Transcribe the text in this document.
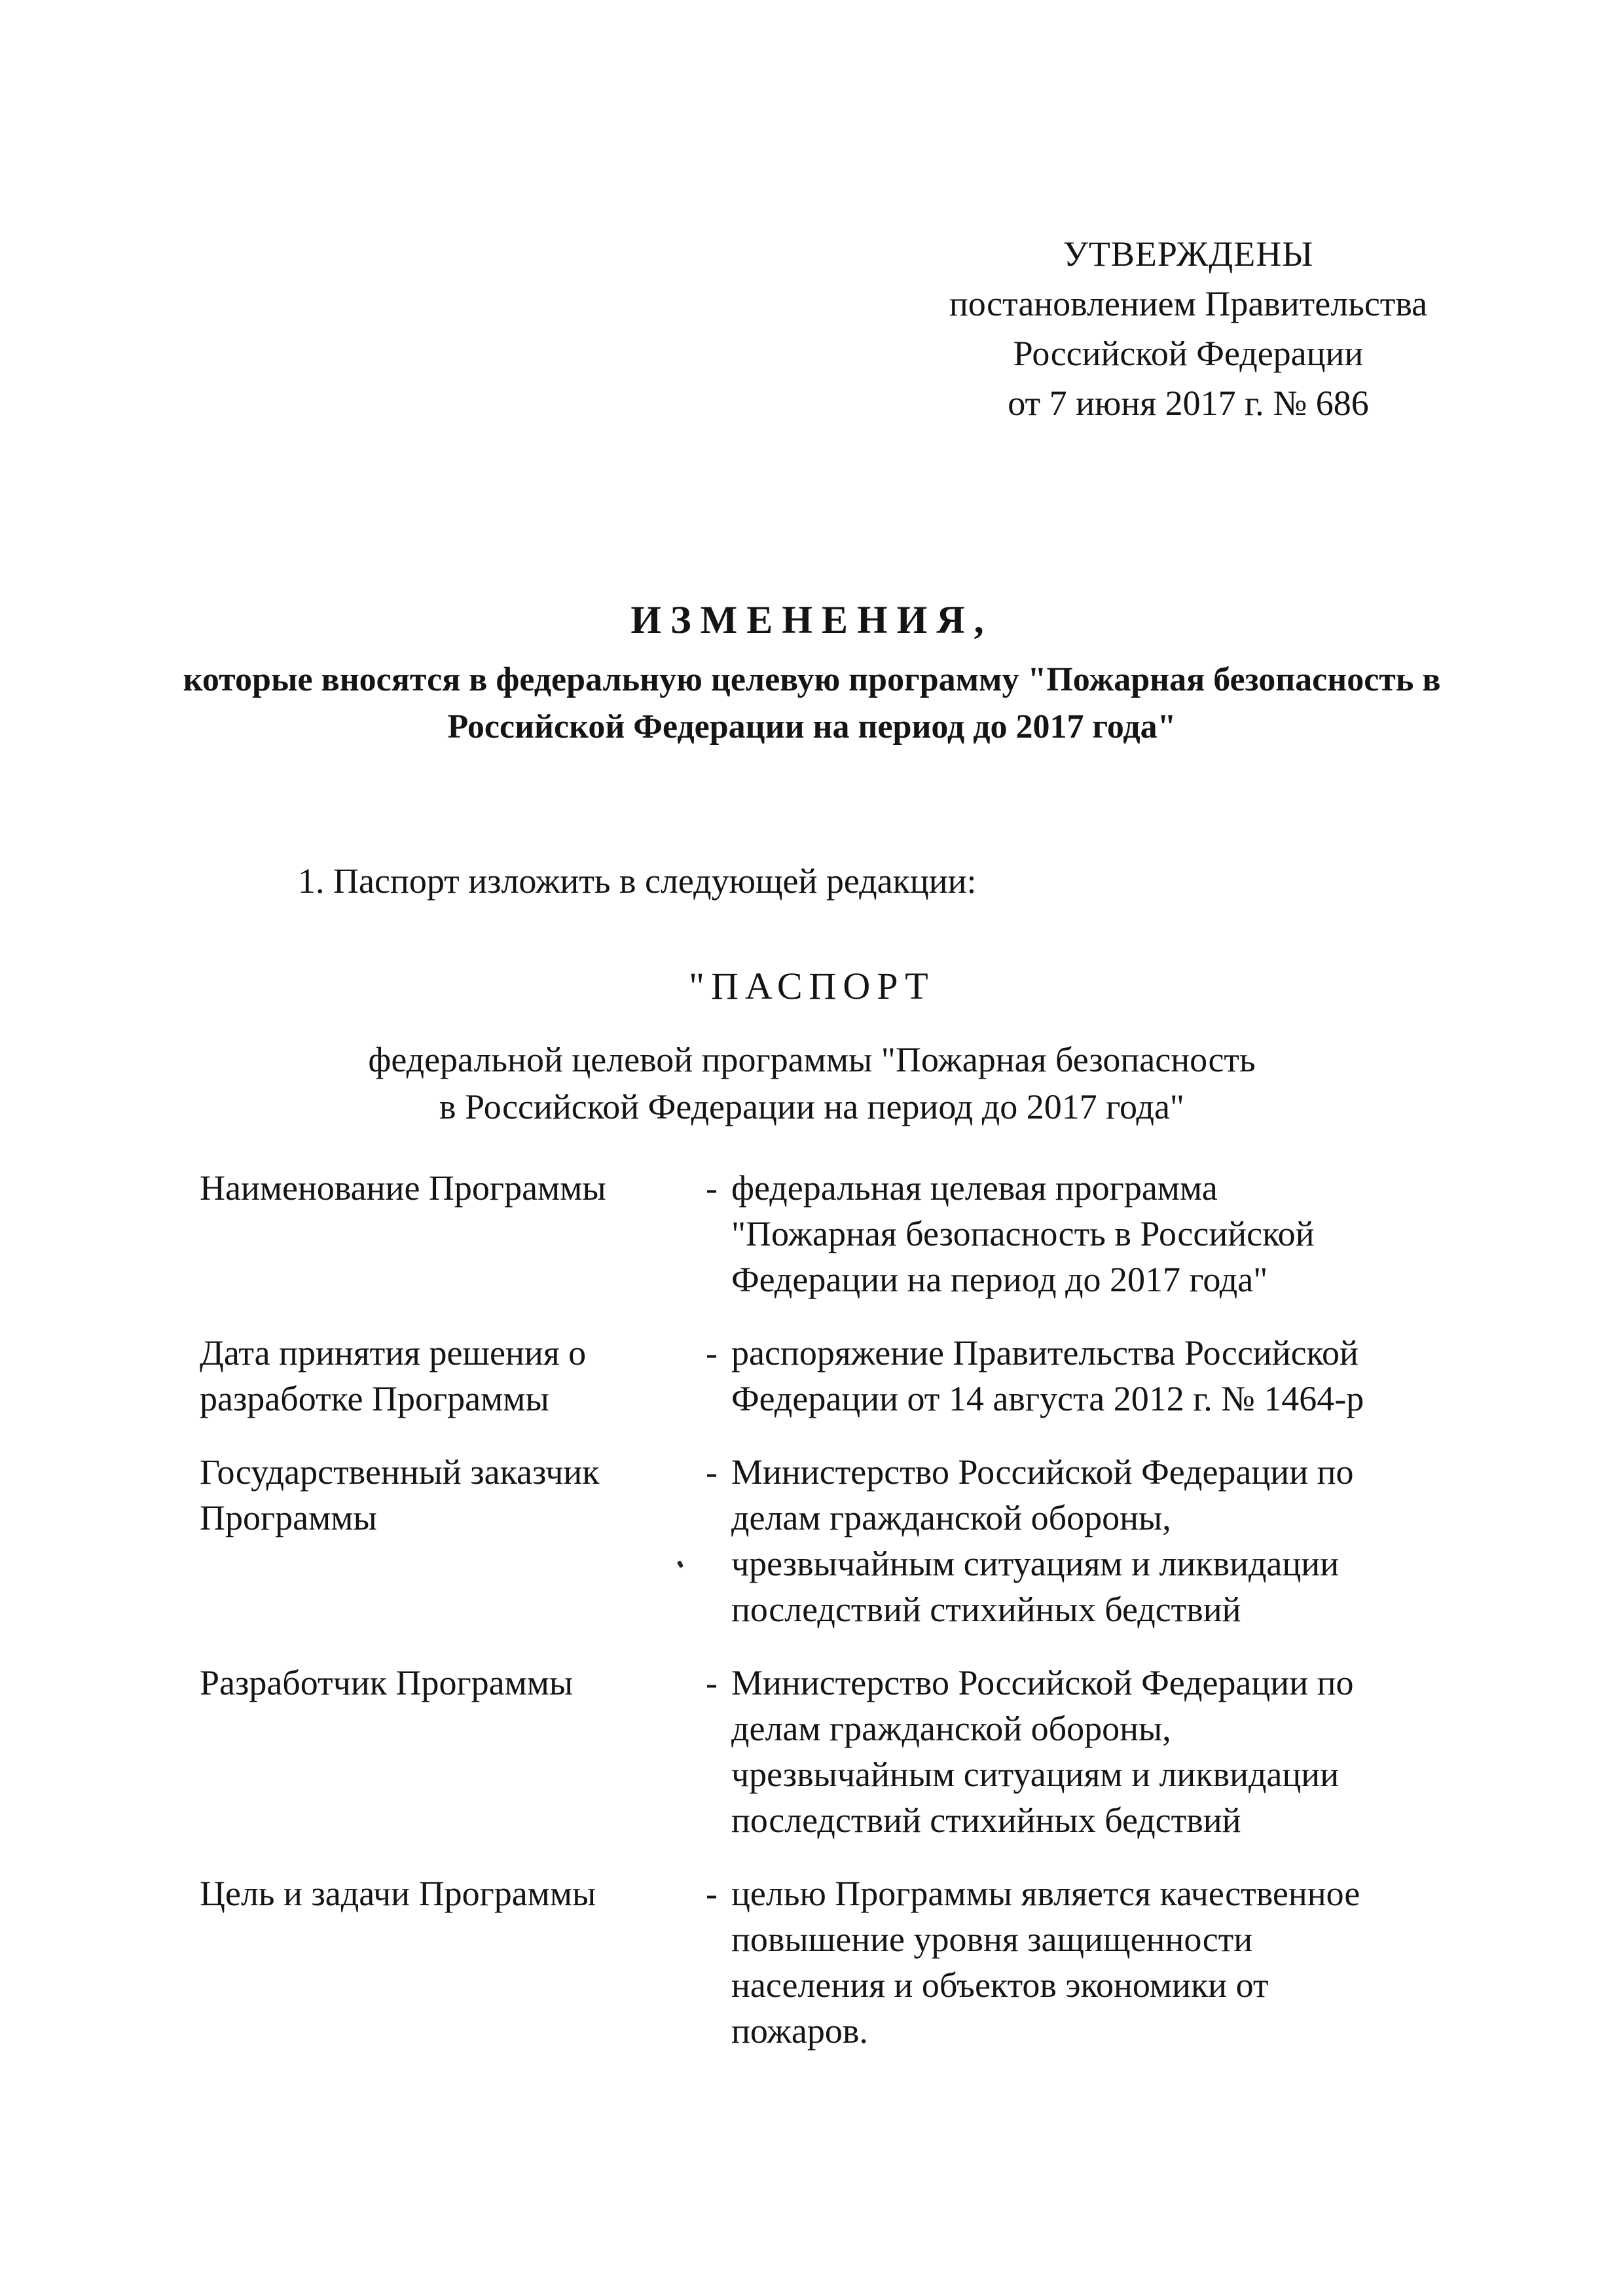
УТВЕРЖДЕНЫ
постановлением Правительства
Российской Федерации
от 7 июня 2017 г. № 686
ИЗМЕНЕНИЯ,
которые вносятся в федеральную целевую программу "Пожарная безопасность в Российской Федерации на период до 2017 года"
1. Паспорт изложить в следующей редакции:
"ПАСПОРТ
федеральной целевой программы "Пожарная безопасность
в Российской Федерации на период до 2017 года"
Наименование Программы	- федеральная целевая программа
"Пожарная безопасность в Российской
Федерации на период до 2017 года"
Дата принятия решения о
разработке Программы
- распоряжение Правительства Российской
Федерации от 14 августа 2012 г. № 1464-р
Государственный заказчик
Программы
- Министерство Российской Федерации по
делам гражданской обороны,
чрезвычайным ситуациям и ликвидации
последствий стихийных бедствий
Разработчик Программы	- Министерство Российской Федерации по
делам гражданской обороны,
чрезвычайным ситуациям и ликвидации
последствий стихийных бедствий
Цель и задачи Программы	- целью Программы является качественное
повышение уровня защищенности
населения и объектов экономики от
пожаров.
